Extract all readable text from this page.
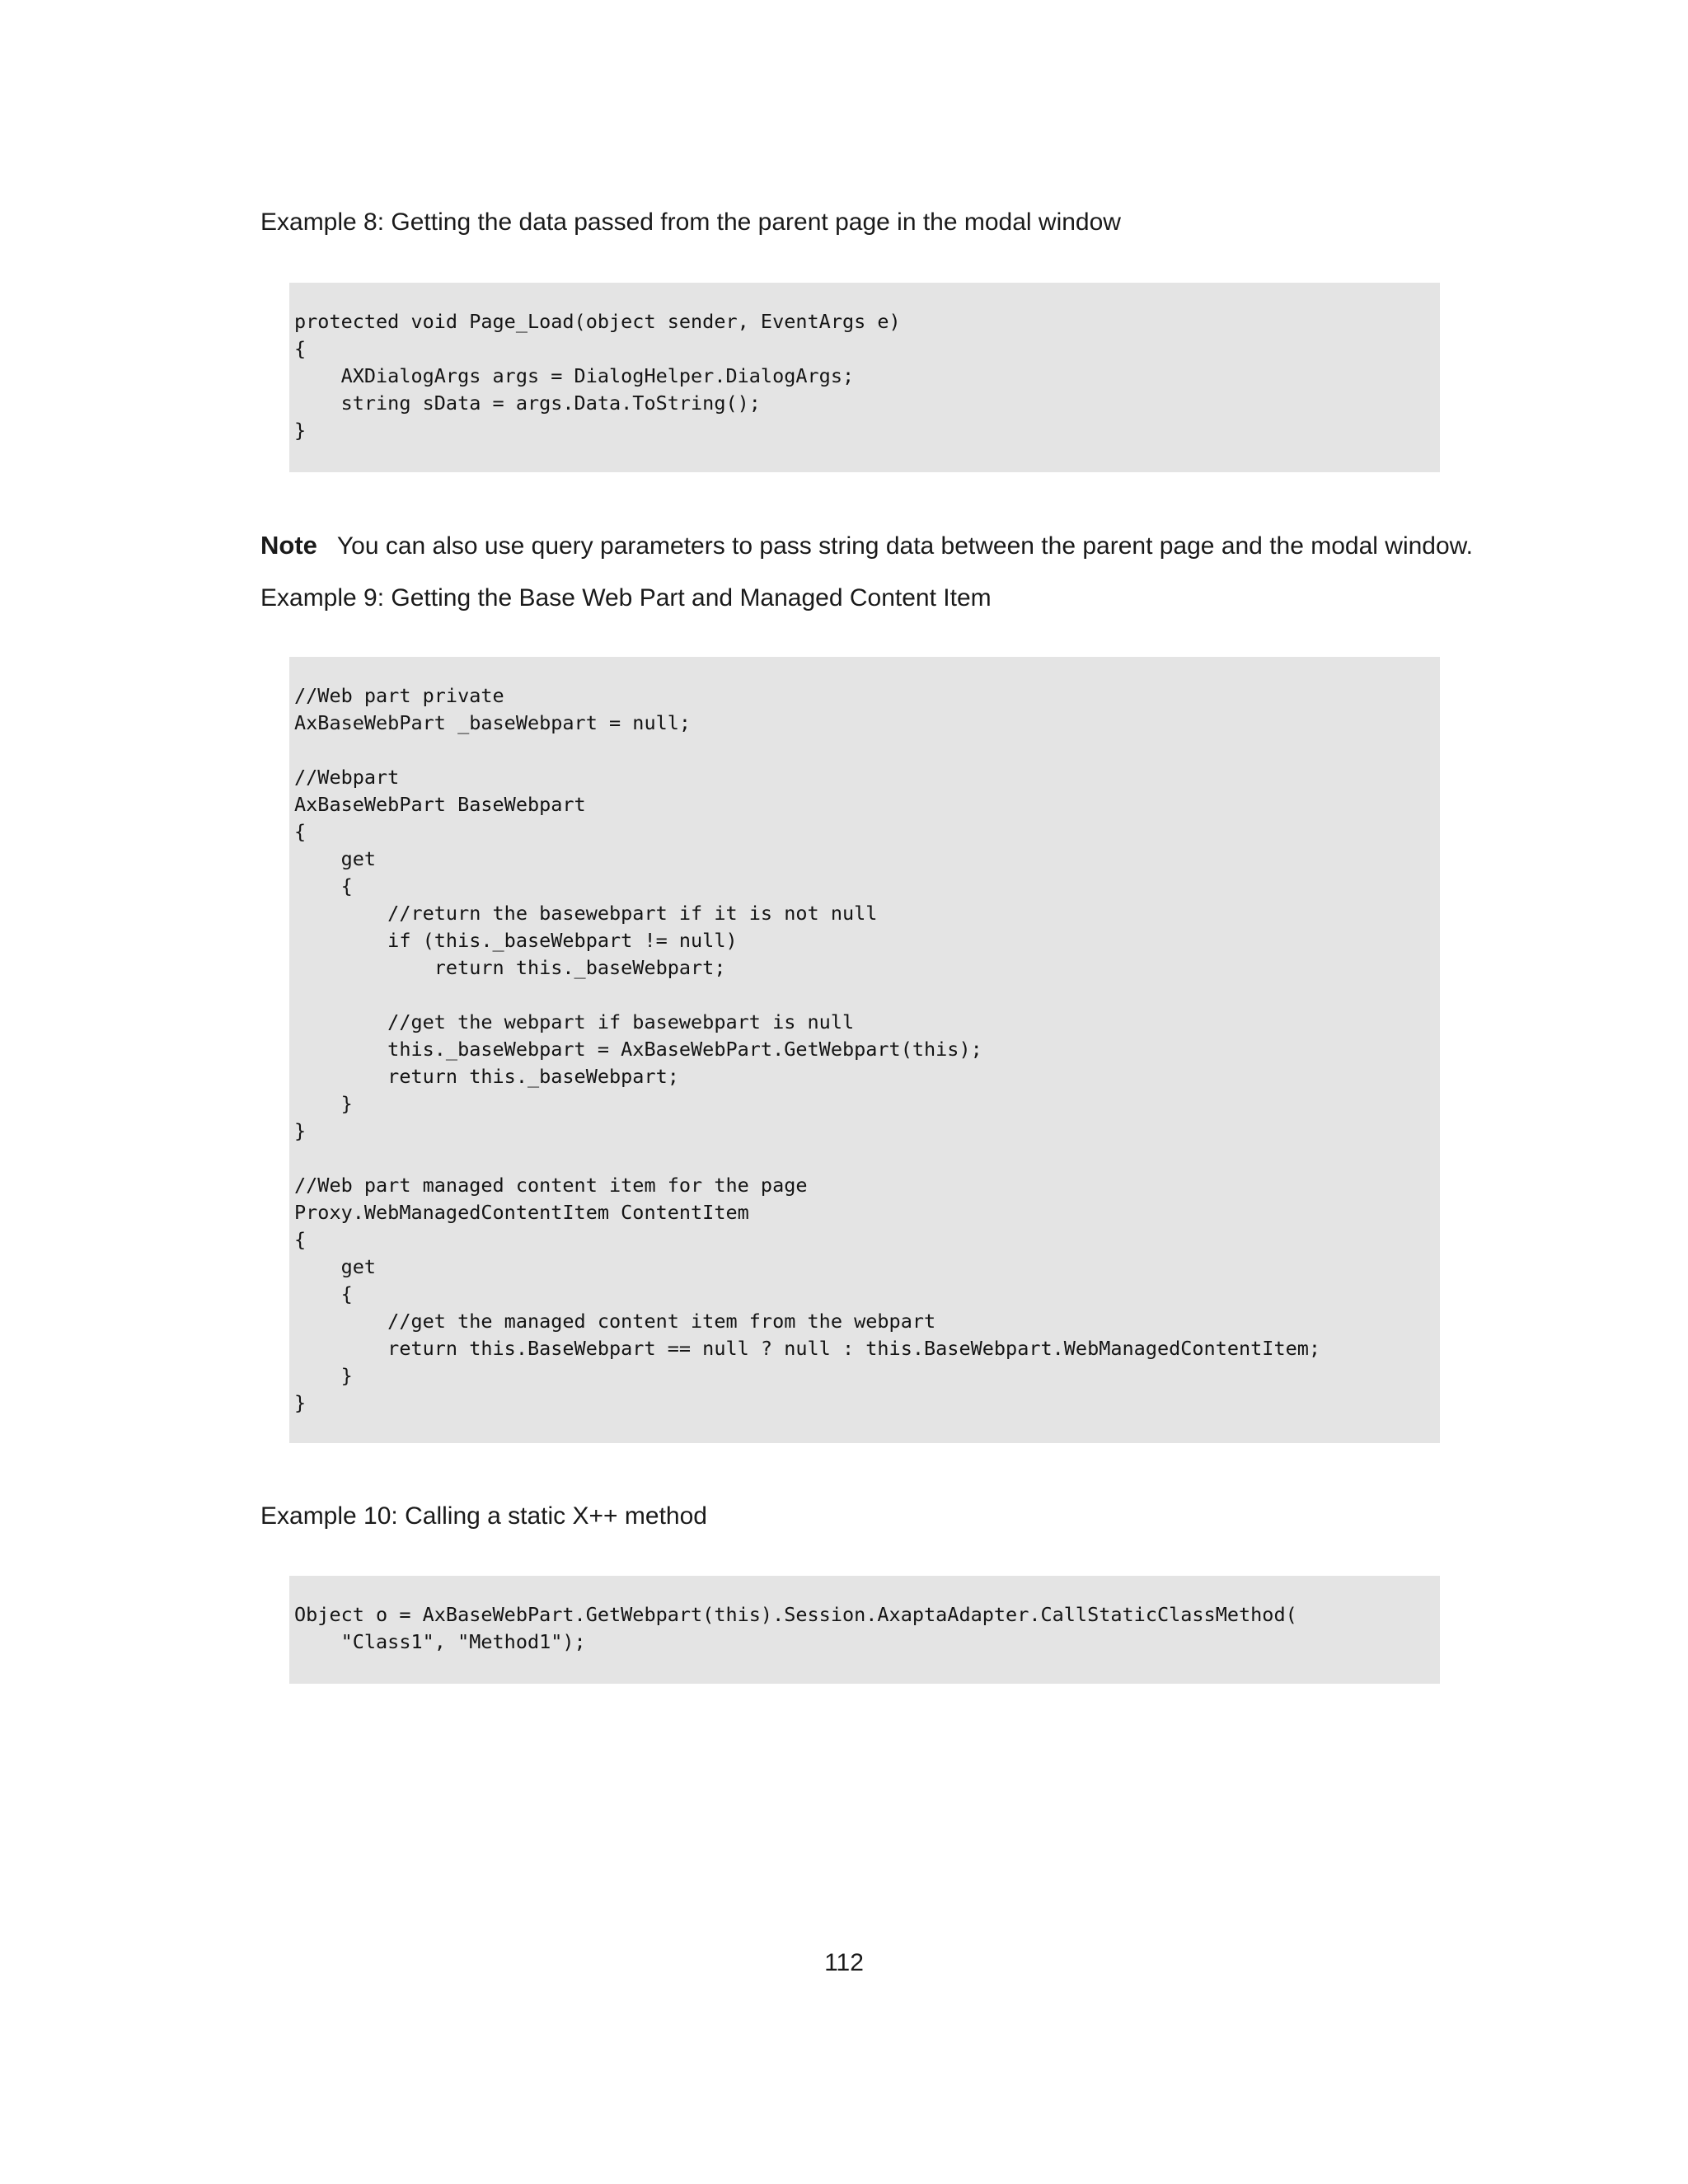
Example 8: Getting the data passed from the parent page in the modal window

protected void Page_Load(object sender, EventArgs e)
{
AXDialogArgs args = DialogHelper.DialogArgs;
string sData = args.Data.ToString();
}

Note You can also use query parameters to pass string data between the parent page and the modal window.

Example 9: Getting the Base Web Part and Managed Content Item

//Web part private
AxBaseWebPart _baseWebpart = null;

//Webpart
AxBaseWebPart BaseWebpart
{
get
{
//return the basewebpart if it is not null
if (this._baseWebpart != null)
return this._baseWebpart;

//get the webpart if basewebpart is null
this._baseWebpart = AxBaseWebPart.GetWebpart(this);
return this._baseWebpart;
}
}

//Web part managed content item for the page
Proxy.WebManagedContentItem ContentItem
{
get
{
//get the managed content item from the webpart
return this.BaseWebpart == null ? null : this.BaseWebpart.WebManagedContentItem;
}
}

Example 10: Calling a static X++ method

Object o = AxBaseWebPart.GetWebpart(this).Session.AxaptaAdapter.CallStaticClassMethod(
"Class1", "Method1");

112
